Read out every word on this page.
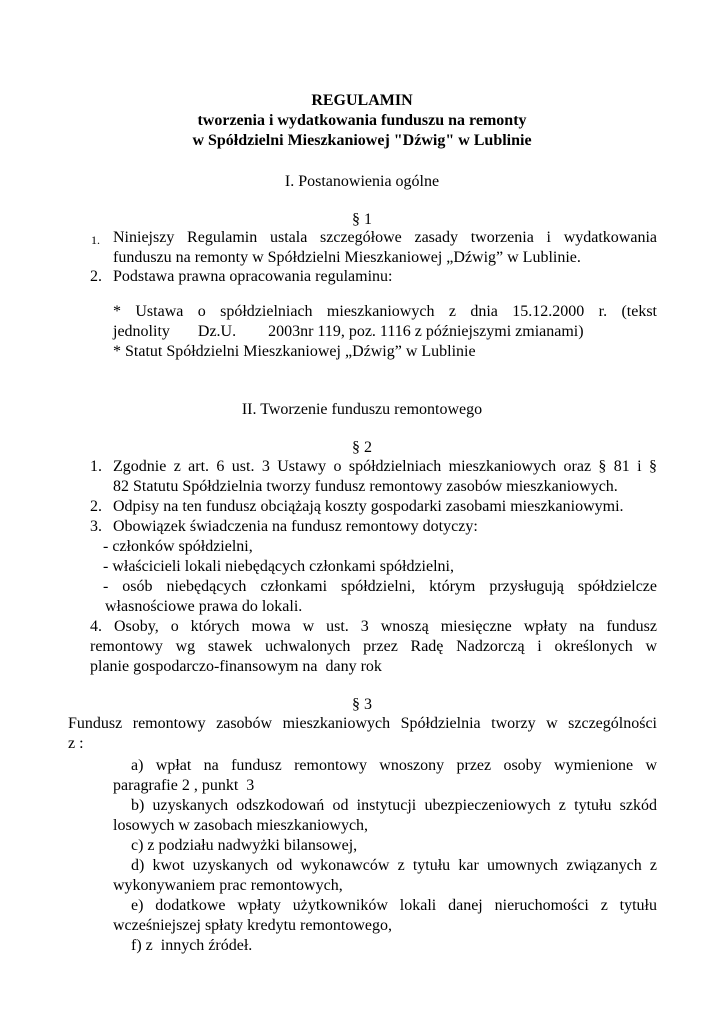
REGULAMIN
tworzenia i wydatkowania funduszu na remonty
w Spółdzielni Mieszkaniowej "Dźwig" w Lublinie
I. Postanowienia ogólne
§ 1
1. Niniejszy Regulamin ustala szczegółowe zasady tworzenia i wydatkowania
funduszu na remonty w Spółdzielni Mieszkaniowej „Dźwig” w Lublinie.
2. Podstawa prawna opracowania regulaminu:
* Ustawa o spółdzielniach mieszkaniowych z dnia 15.12.2000 r. (tekst
jednolity       Dz.U.        2003nr 119, poz. 1116 z późniejszymi zmianami)
* Statut Spółdzielni Mieszkaniowej „Dźwig” w Lublinie
II. Tworzenie funduszu remontowego
§ 2
1. Zgodnie z art. 6 ust. 3 Ustawy o spółdzielniach mieszkaniowych oraz § 81 i §
82 Statutu Spółdzielnia tworzy fundusz remontowy zasobów mieszkaniowych.
2. Odpisy na ten fundusz obciążają koszty gospodarki zasobami mieszkaniowymi.
3. Obowiązek świadczenia na fundusz remontowy dotyczy:
- członków spółdzielni,
- właścicieli lokali niebędących członkami spółdzielni,
- osób niebędących członkami spółdzielni, którym przysługują spółdzielcze
własnościowe prawa do lokali.
4. Osoby, o których mowa w ust. 3 wnoszą miesięczne wpłaty na fundusz
remontowy wg stawek uchwalonych przez Radę Nadzorczą i określonych w
planie gospodarczo-finansowym na  dany rok
§ 3
Fundusz remontowy zasobów mieszkaniowych Spółdzielnia tworzy w szczególności
z :
a) wpłat na fundusz remontowy wnoszony przez osoby wymienione w
paragrafie 2 , punkt  3
b) uzyskanych odszkodowań od instytucji ubezpieczeniowych z tytułu szkód
losowych w zasobach mieszkaniowych,
c) z podziału nadwyżki bilansowej,
d) kwot uzyskanych od wykonawców z tytułu kar umownych związanych z
wykonywaniem prac remontowych,
e) dodatkowe wpłaty użytkowników lokali danej nieruchomości z tytułu
wcześniejszej spłaty kredytu remontowego,
f) z  innych źródeł.
